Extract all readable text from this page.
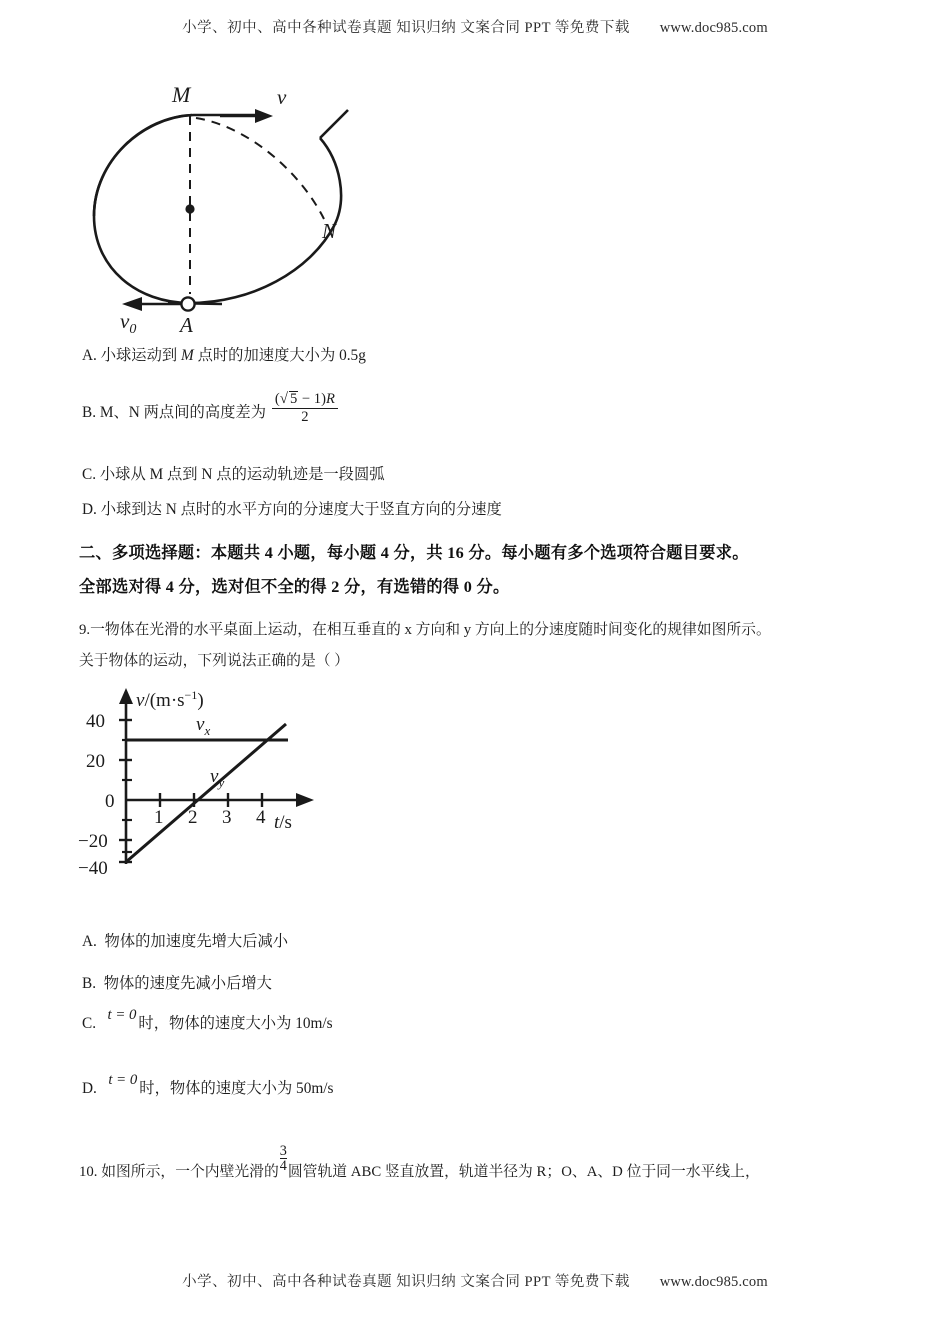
小学、初中、高中各种试卷真题 知识归纳 文案合同 PPT 等免费下载 www.doc985.com
M	v
N
A
$v_0$
A. 小球运动到 M 点时的加速度大小为 0.5g
B. M、N 两点间的高度差为 $\frac{(√ 5 - 1)R}{2}$
C. 小球从 M 点到 N 点的运动轨迹是一段圆弧
D. 小球到达 N 点时的水平方向的分速度大于竖直方向的分速度
二、多项选择题：本题共 4 小题，每小题 4 分，共 16 分。每小题有多个选项符合题目要求。
全部选对得 4 分，选对但不全的得 2 分，有选错的得 0 分。
9.一物体在光滑的水平桌面上运动，在相互垂直的 x 方向和 y 方向上的分速度随时间变化的规律如图所示。
关于物体的运动，下列说法正确的是（ ）
40
20
0
−20
−40
1 2 3 4
$v/(m\cdot s^{-1})$
t/s
$v_x$
$v_y$
A. 物体的加速度先增大后减小
B. 物体的速度先减小后增大
C.   t = 0时，物体的速度大小为 10m/s
D.   t = 0时，物体的速度大小为 50m/s
10. 如图所示，一个内壁光滑的 $\frac{3}{4}$ 圆管轨道 ABC 竖直放置，轨道半径为 R；O、A、D 位于同一水平线上，
小学、初中、高中各种试卷真题 知识归纳 文案合同 PPT 等免费下载 www.doc985.com
